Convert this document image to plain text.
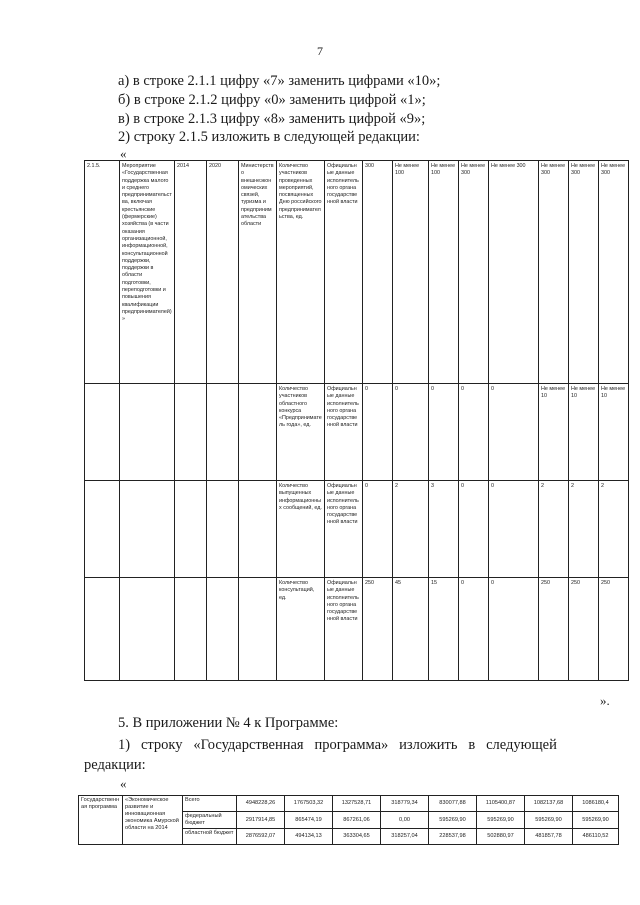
7
а) в строке 2.1.1 цифру «7» заменить цифрами «10»;
б) в строке 2.1.2 цифру «0» заменить цифрой «1»;
в) в строке 2.1.3 цифру «8» заменить цифрой «9»;
2) строку 2.1.5 изложить в следующей редакции:
«
2.1.5.	Мероприятие «Государственная поддержка малого и среднего предпринимательства, включая крестьянские (фермерские) хозяйства (в части оказания организационной, информационной, консультационной поддержки, поддержки в области подготовки, переподготовки и повышения квалификации предпринимателей)»	2014	2020	Министерство внешнеэкономических связей, туризма и предпринимательства области	Количество участников проведенных мероприятий, посвященных Дню российского предпринимательства, ед.	Официальные данные исполнительного органа государственной власти	300	Не менее 100	Не менее 100	Не менее 300	Не менее 300	Не менее 300	Не менее 300	Не менее 300
					Количество участников областного конкурса «Предприниматель года», ед.	Официальные данные исполнительного органа государственной власти	0	0	0	0	0	Не менее 10	Не менее 10	Не менее 10
					Количество выпущенных информационных сообщений, ед.	Официальные данные исполнительного органа государственной власти	0	2	3	0	0	2	2	2
					Количество консультаций, ед.	Официальные данные исполнительного органа государственной власти	250	45	15	0	0	250	250	250
».
5. В приложении № 4 к Программе:
1)   строку   «Государственная   программа»   изложить   в   следующей
редакции:
«
Государственная программа	«Экономическое развитие и инновационная экономика Амурской области на 2014	Всего	4948228,26	1767503,32	1327528,71	318779,34	830077,88	1105400,87	1082137,68	1086180,4
		федеральный бюджет	2917914,85	865474,19	867261,06	0,00	595269,90	595269,90	595269,90	595269,90
		областной бюджет	2876592,07	494134,13	363304,65	318257,04	228537,98	502880,97	481857,78	486110,52
